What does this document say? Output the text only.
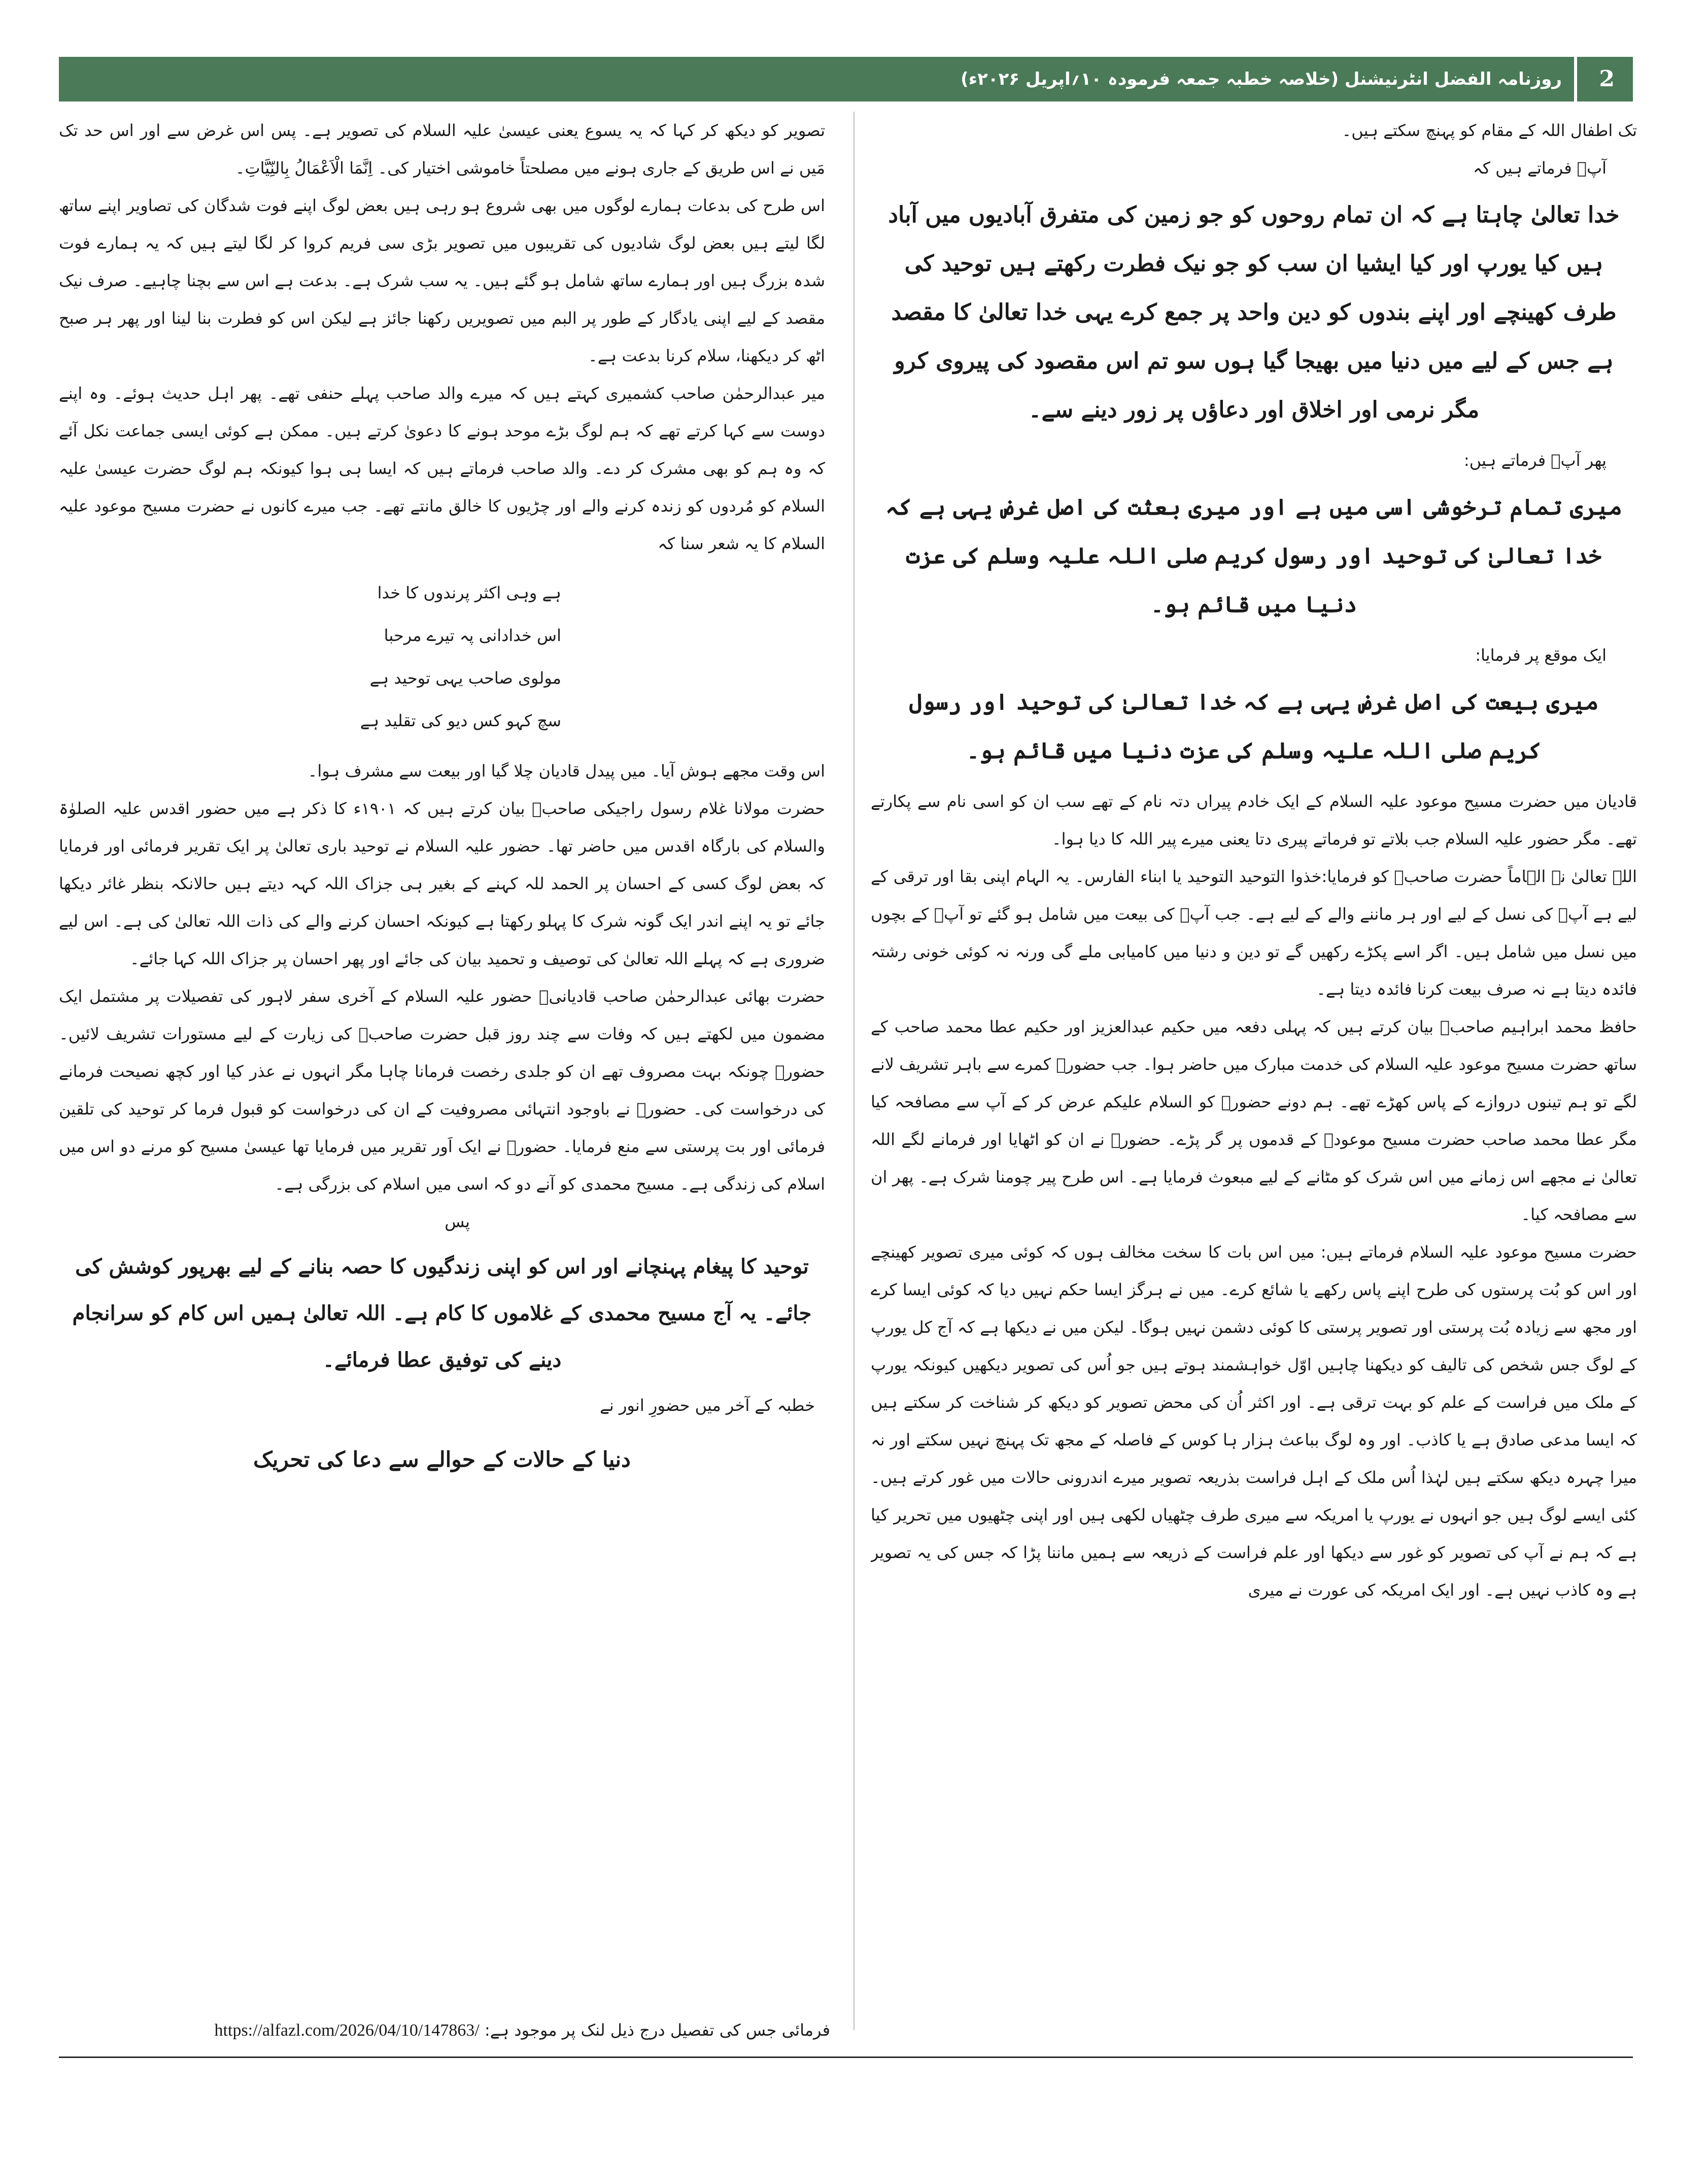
2
روزنامہ الفضل انٹرنیشنل (خلاصہ خطبہ جمعہ فرمودہ ۱۰؍اپریل ۲۰۲۶ء)

تک اطفال اللہ کے مقام کو پہنچ سکتے ہیں۔

آپؑ فرماتے ہیں کہ

خدا تعالیٰ چاہتا ہے کہ ان تمام روحوں کو جو زمین کی متفرق آبادیوں میں آباد ہیں کیا یورپ اور کیا ایشیا ان سب کو جو نیک فطرت رکھتے ہیں توحید کی طرف کھینچے اور اپنے بندوں کو دین واحد پر جمع کرے یہی خدا تعالیٰ کا مقصد ہے جس کے لیے میں دنیا میں بھیجا گیا ہوں سو تم اس مقصود کی پیروی کرو مگر نرمی اور اخلاق اور دعاؤں پر زور دینے سے۔

پھر آپؑ فرماتے ہیں:

میری تمام ترخوشی اسی میں ہے اور میری بعثت کی اصل غرض یہی ہے کہ خدا تعالیٰ کی توحید اور رسول کریم صلی اللہ علیہ وسلم کی عزت دنیا میں قائم ہو۔

ایک موقع پر فرمایا:

میری بیعت کی اصل غرض یہی ہے کہ خدا تعالیٰ کی توحید اور رسول کریم صلی اللہ علیہ وسلم کی عزت دنیا میں قائم ہو۔

قادیان میں حضرت مسیح موعود علیہ السلام کے ایک خادم پیراں دتہ نام کے تھے سب ان کو اسی نام سے پکارتے تھے۔ مگر حضور علیہ السلام جب بلاتے تو فرماتے پیری دتا یعنی میرے پیر اللہ کا دیا ہوا۔

اللہ تعالیٰ نے الہاماً حضرت صاحبؑ کو فرمایا:خذوا التوحید التوحید یا ابناء الفارس۔ یہ الہام اپنی بقا اور ترقی کے لیے ہے آپؑ کی نسل کے لیے اور ہر ماننے والے کے لیے ہے۔ جب آپؑ کی بیعت میں شامل ہو گئے تو آپؑ کے بچوں میں نسل میں شامل ہیں۔ اگر اسے پکڑے رکھیں گے تو دین و دنیا میں کامیابی ملے گی ورنہ نہ کوئی خونی رشتہ فائدہ دیتا ہے نہ صرف بیعت کرنا فائدہ دیتا ہے۔

حافظ محمد ابراہیم صاحبؓ بیان کرتے ہیں کہ پہلی دفعہ میں حکیم عبدالعزیز اور حکیم عطا محمد صاحب کے ساتھ حضرت مسیح موعود علیہ السلام کی خدمت مبارک میں حاضر ہوا۔ جب حضورؑ کمرے سے باہر تشریف لانے لگے تو ہم تینوں دروازے کے پاس کھڑے تھے۔ ہم دونے حضورؑ کو السلام علیکم عرض کر کے آپ سے مصافحہ کیا مگر عطا محمد صاحب حضرت مسیح موعودؑ کے قدموں پر گر پڑے۔ حضورؑ نے ان کو اٹھایا اور فرمانے لگے اللہ تعالیٰ نے مجھے اس زمانے میں اس شرک کو مٹانے کے لیے مبعوث فرمایا ہے۔ اس طرح پیر چومنا شرک ہے۔ پھر ان سے مصافحہ کیا۔

حضرت مسیح موعود علیہ السلام فرماتے ہیں: میں اس بات کا سخت مخالف ہوں کہ کوئی میری تصویر کھینچے اور اس کو بُت پرستوں کی طرح اپنے پاس رکھے یا شائع کرے۔ میں نے ہرگز ایسا حکم نہیں دیا کہ کوئی ایسا کرے اور مجھ سے زیادہ بُت پرستی اور تصویر پرستی کا کوئی دشمن نہیں ہوگا۔ لیکن میں نے دیکھا ہے کہ آج کل یورپ کے لوگ جس شخص کی تالیف کو دیکھنا چاہیں اوّل خواہشمند ہوتے ہیں جو اُس کی تصویر دیکھیں کیونکہ یورپ کے ملک میں فراست کے علم کو بہت ترقی ہے۔ اور اکثر اُن کی محض تصویر کو دیکھ کر شناخت کر سکتے ہیں کہ ایسا مدعی صادق ہے یا کاذب۔ اور وہ لوگ بباعث ہزار ہا کوس کے فاصلہ کے مجھ تک پہنچ نہیں سکتے اور نہ میرا چہرہ دیکھ سکتے ہیں لہٰذا اُس ملک کے اہل فراست بذریعہ تصویر میرے اندرونی حالات میں غور کرتے ہیں۔ کئی ایسے لوگ ہیں جو انہوں نے یورپ یا امریکہ سے میری طرف چٹھیاں لکھی ہیں اور اپنی چٹھیوں میں تحریر کیا ہے کہ ہم نے آپ کی تصویر کو غور سے دیکھا اور علم فراست کے ذریعہ سے ہمیں ماننا پڑا کہ جس کی یہ تصویر ہے وہ کاذب نہیں ہے۔ اور ایک امریکہ کی عورت نے میری

تصویر کو دیکھ کر کہا کہ یہ یسوع یعنی عیسیٰ علیہ السلام کی تصویر ہے۔ پس اس غرض سے اور اس حد تک مَیں نے اس طریق کے جاری ہونے میں مصلحتاً خاموشی اختیار کی۔ اِنَّمَا الْاَعْمَالُ بِالنِّیَّاتِ۔

اس طرح کی بدعات ہمارے لوگوں میں بھی شروع ہو رہی ہیں بعض لوگ اپنے فوت شدگان کی تصاویر اپنے ساتھ لگا لیتے ہیں بعض لوگ شادیوں کی تقریبوں میں تصویر بڑی سی فریم کروا کر لگا لیتے ہیں کہ یہ ہمارے فوت شدہ بزرگ ہیں اور ہمارے ساتھ شامل ہو گئے ہیں۔ یہ سب شرک ہے۔ بدعت ہے اس سے بچنا چاہیے۔ صرف نیک مقصد کے لیے اپنی یادگار کے طور پر البم میں تصویریں رکھنا جائز ہے لیکن اس کو فطرت بنا لینا اور پھر ہر صبح اٹھ کر دیکھنا، سلام کرنا بدعت ہے۔

میر عبدالرحمٰن صاحب کشمیری کہتے ہیں کہ میرے والد صاحب پہلے حنفی تھے۔ پھر اہل حدیث ہوئے۔ وہ اپنے دوست سے کہا کرتے تھے کہ ہم لوگ بڑے موحد ہونے کا دعویٰ کرتے ہیں۔ ممکن ہے کوئی ایسی جماعت نکل آئے کہ وہ ہم کو بھی مشرک کر دے۔ والد صاحب فرماتے ہیں کہ ایسا ہی ہوا کیونکہ ہم لوگ حضرت عیسیٰ علیہ السلام کو مُردوں کو زندہ کرنے والے اور چڑیوں کا خالق مانتے تھے۔ جب میرے کانوں نے حضرت مسیح موعود علیہ السلام کا یہ شعر سنا کہ

ہے وہی اکثر پرندوں کا خدا

اس خدادانی پہ تیرے مرحبا

مولوی صاحب یہی توحید ہے

سچ کہو کس دیو کی تقلید ہے

اس وقت مجھے ہوش آیا۔ میں پیدل قادیان چلا گیا اور بیعت سے مشرف ہوا۔

حضرت مولانا غلام رسول راجیکی صاحبؓ بیان کرتے ہیں کہ ۱۹۰۱ء کا ذکر ہے میں حضور اقدس علیہ الصلوٰۃ والسلام کی بارگاہ اقدس میں حاضر تھا۔ حضور علیہ السلام نے توحید باری تعالیٰ پر ایک تقریر فرمائی اور فرمایا کہ بعض لوگ کسی کے احسان پر الحمد للہ کہنے کے بغیر ہی جزاک اللہ کہہ دیتے ہیں حالانکہ بنظر غائر دیکھا جائے تو یہ اپنے اندر ایک گونہ شرک کا پہلو رکھتا ہے کیونکہ احسان کرنے والے کی ذات اللہ تعالیٰ کی ہے۔ اس لیے ضروری ہے کہ پہلے اللہ تعالیٰ کی توصیف و تحمید بیان کی جائے اور پھر احسان پر جزاک اللہ کہا جائے۔

حضرت بھائی عبدالرحمٰن صاحب قادیانیؓ حضور علیہ السلام کے آخری سفر لاہور کی تفصیلات پر مشتمل ایک مضمون میں لکھتے ہیں کہ وفات سے چند روز قبل حضرت صاحبؑ کی زیارت کے لیے مستورات تشریف لائیں۔ حضورؑ چونکہ بہت مصروف تھے ان کو جلدی رخصت فرمانا چاہا مگر انہوں نے عذر کیا اور کچھ نصیحت فرمانے کی درخواست کی۔ حضورؑ نے باوجود انتہائی مصروفیت کے ان کی درخواست کو قبول فرما کر توحید کی تلقین فرمائی اور بت پرستی سے منع فرمایا۔ حضورؑ نے ایک اَور تقریر میں فرمایا تھا عیسیٰ مسیح کو مرنے دو اس میں اسلام کی زندگی ہے۔ مسیح محمدی کو آنے دو کہ اسی میں اسلام کی بزرگی ہے۔

پس

توحید کا پیغام پہنچانے اور اس کو اپنی زندگیوں کا حصہ بنانے کے لیے بھرپور کوشش کی جائے۔ یہ آج مسیح محمدی کے غلاموں کا کام ہے۔ اللہ تعالیٰ ہمیں اس کام کو سرانجام دینے کی توفیق عطا فرمائے۔

خطبہ کے آخر میں حضورِ انور نے

دنیا کے حالات کے حوالے سے دعا کی تحریک

فرمائی جس کی تفصیل درج ذیل لنک پر موجود ہے: https://alfazl.com/2026/04/10/147863/
